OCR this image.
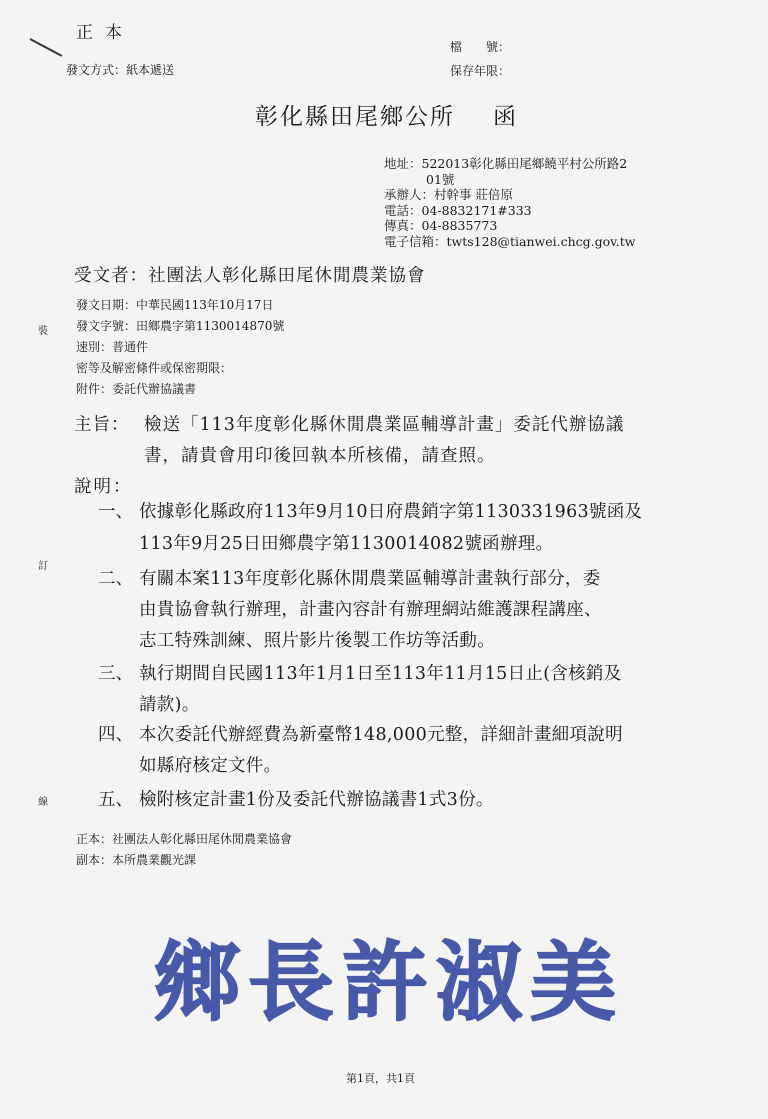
正本
發文方式：紙本遞送
檔　　號：
保存年限：
彰化縣田尾鄉公所 函
地址：522013彰化縣田尾鄉饒平村公所路2
01號
承辦人：村幹事 莊倍原
電話：04-8832171#333
傳真：04-8835773
電子信箱：twts128@tianwei.chcg.gov.tw
受文者：社團法人彰化縣田尾休閒農業協會
發文日期：中華民國113年10月17日
發文字號：田鄉農字第1130014870號
速別：普通件
密等及解密條件或保密期限：
附件：委託代辦協議書
裝
訂
線
主旨： 檢送「113年度彰化縣休閒農業區輔導計畫」委託代辦協議
書，請貴會用印後回執本所核備，請查照。
說明：
一、 依據彰化縣政府113年9月10日府農銷字第1130331963號函及
113年9月25日田鄉農字第1130014082號函辦理。
二、 有關本案113年度彰化縣休閒農業區輔導計畫執行部分，委
由貴協會執行辦理，計畫內容計有辦理網站維護課程講座、
志工特殊訓練、照片影片後製工作坊等活動。
三、 執行期間自民國113年1月1日至113年11月15日止(含核銷及
請款)。
四、 本次委託代辦經費為新臺幣148,000元整，詳細計畫細項說明
如縣府核定文件。
五、 檢附核定計畫1份及委託代辦協議書1式3份。
正本：社團法人彰化縣田尾休閒農業協會
副本：本所農業觀光課
鄉長許淑美
第1頁，共1頁
